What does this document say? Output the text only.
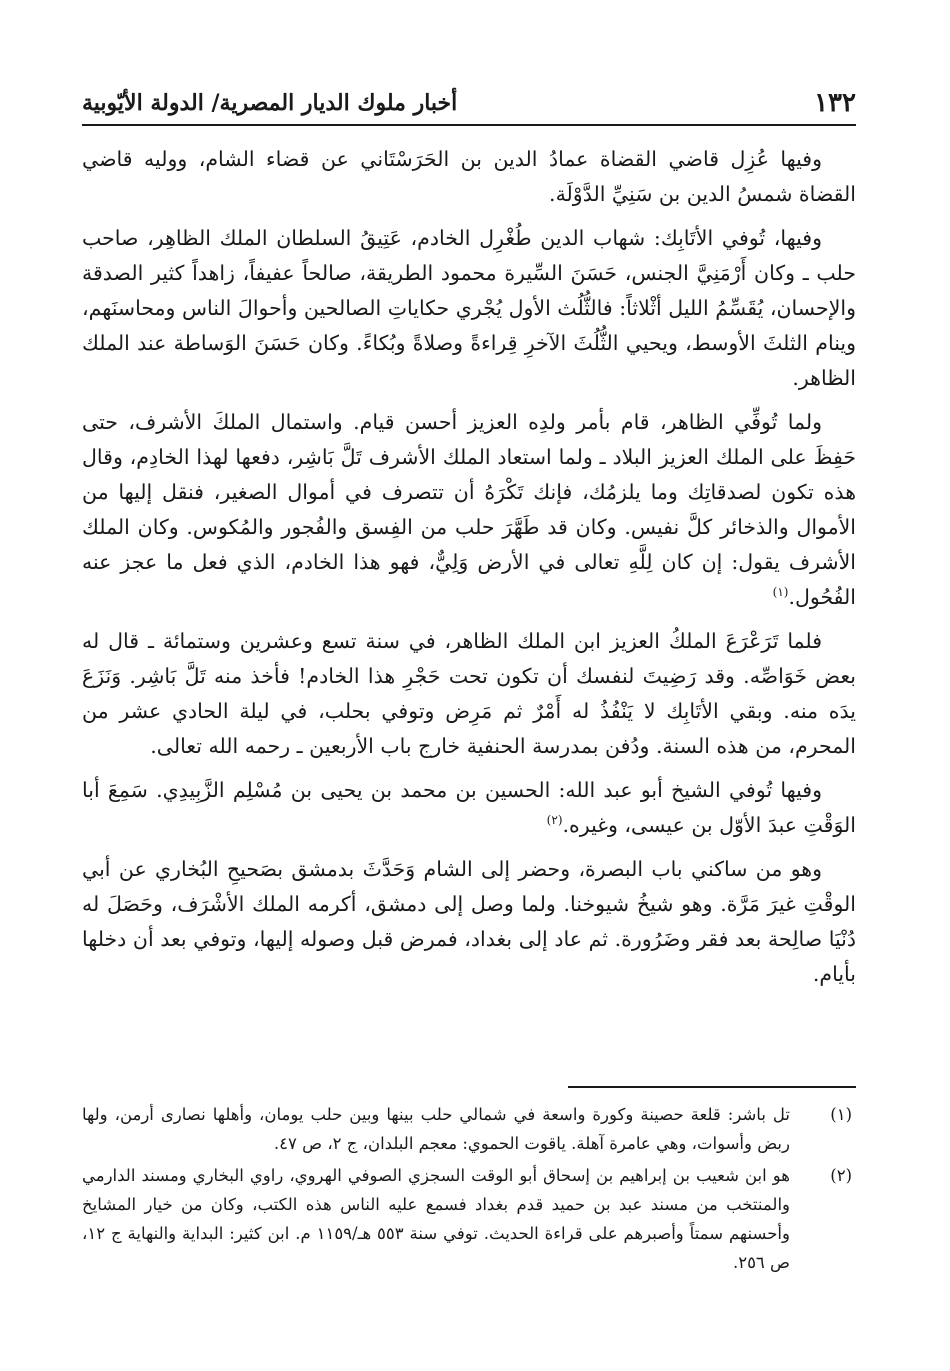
١٣٢
أخبار ملوك الديار المصرية/ الدولة الأيّوبية

وفيها عُزِل قاضي القضاة عمادُ الدين بن الحَرَسْتَاني عن قضاء الشام، ووليه قاضي القضاة شمسُ الدين بن سَنِيِّ الدَّوْلَة.

وفيها، تُوفي الأتَابِك: شهاب الدين طُغْرِل الخادم، عَتِيقُ السلطان الملك الظاهِر، صاحب حلب ـ وكان أَرْمَنِيَّ الجنس، حَسَنَ السِّيرة محمود الطريقة، صالحاً عفيفاً، زاهداً كثير الصدقة والإحسان، يُقَسِّمُ الليل أثْلاثاً: فالثُّلُث الأول يُجْري حكاياتِ الصالحين وأحوالَ الناس ومحاسنَهم، وينام الثلثَ الأوسط، ويحيي الثُّلُثَ الآخرِ قِراءةً وصلاةً وبُكاءً. وكان حَسَنَ الوَساطة عند الملك الظاهر.

ولما تُوفِّي الظاهر، قام بأمر ولدِه العزيز أحسن قيام. واستمال الملكَ الأشرف، حتى حَفِظَ على الملك العزيز البلاد ـ ولما استعاد الملك الأشرف تَلَّ بَاشِر، دفعها لهذا الخادِم، وقال هذه تكون لصدقاتِك وما يلزمُك، فإنك تَكْرَهُ أن تتصرف في أموال الصغير، فنقل إليها من الأموال والذخائر كلَّ نفيس. وكان قد طَهَّرَ حلب من الفِسق والفُجور والمُكوس. وكان الملك الأشرف يقول: إن كان لِلَّهِ تعالى في الأرض وَلِيٌّ، فهو هذا الخادم، الذي فعل ما عجز عنه الفُحُول.$^{(١)}$

فلما تَرَعْرَعَ الملكُ العزيز ابن الملك الظاهر، في سنة تسع وعشرين وستمائة ـ قال له بعض خَوَاصِّه. وقد رَضِيتَ لنفسك أن تكون تحت حَجْرِ هذا الخادم! فأخذ منه تَلَّ بَاشِر. وَنَزَعَ يدَه منه. وبقي الأتَابِك لا يَنْفُذُ له أَمْرٌ ثم مَرِض وتوفي بحلب، في ليلة الحادي عشر من المحرم، من هذه السنة. ودُفن بمدرسة الحنفية خارج باب الأربعين ـ رحمه الله تعالى.

وفيها تُوفي الشيخ أبو عبد الله: الحسين بن محمد بن يحيى بن مُسْلِم الزَّبِيدِي. سَمِعَ أبا الوَقْتِ عبدَ الأوّل بن عيسى، وغيره.$^{(٢)}$

وهو من ساكني باب البصرة، وحضر إلى الشام وَحَدَّثَ بدمشق بصَحيحِ البُخاري عن أبي الوقْتِ غيرَ مَرَّة. وهو شيخُ شيوخنا. ولما وصل إلى دمشق، أكرمه الملك الأشْرَف، وحَصَلَ له دُنْيَا صالِحة بعد فقر وضَرُورة. ثم عاد إلى بغداد، فمرض قبل وصوله إليها، وتوفي بعد أن دخلها بأيام.

(١)
تل باشر: قلعة حصينة وكورة واسعة في شمالي حلب بينها وبين حلب يومان، وأهلها نصارى أرمن، ولها ربض وأسوات، وهي عامرة آهلة. ياقوت الحموي: معجم البلدان، ج ٢، ص ٤٧.
(٢)
هو ابن شعيب بن إبراهيم بن إسحاق أبو الوقت السجزي الصوفي الهروي، راوي البخاري ومسند الدارمي والمنتخب من مسند عبد بن حميد قدم بغداد فسمع عليه الناس هذه الكتب، وكان من خيار المشايخ وأحسنهم سمتاً وأصبرهم على قراءة الحديث. توفي سنة ٥٥٣ هـ/١١٥٩ م. ابن كثير: البداية والنهاية ج ١٢، ص ٢٥٦.
